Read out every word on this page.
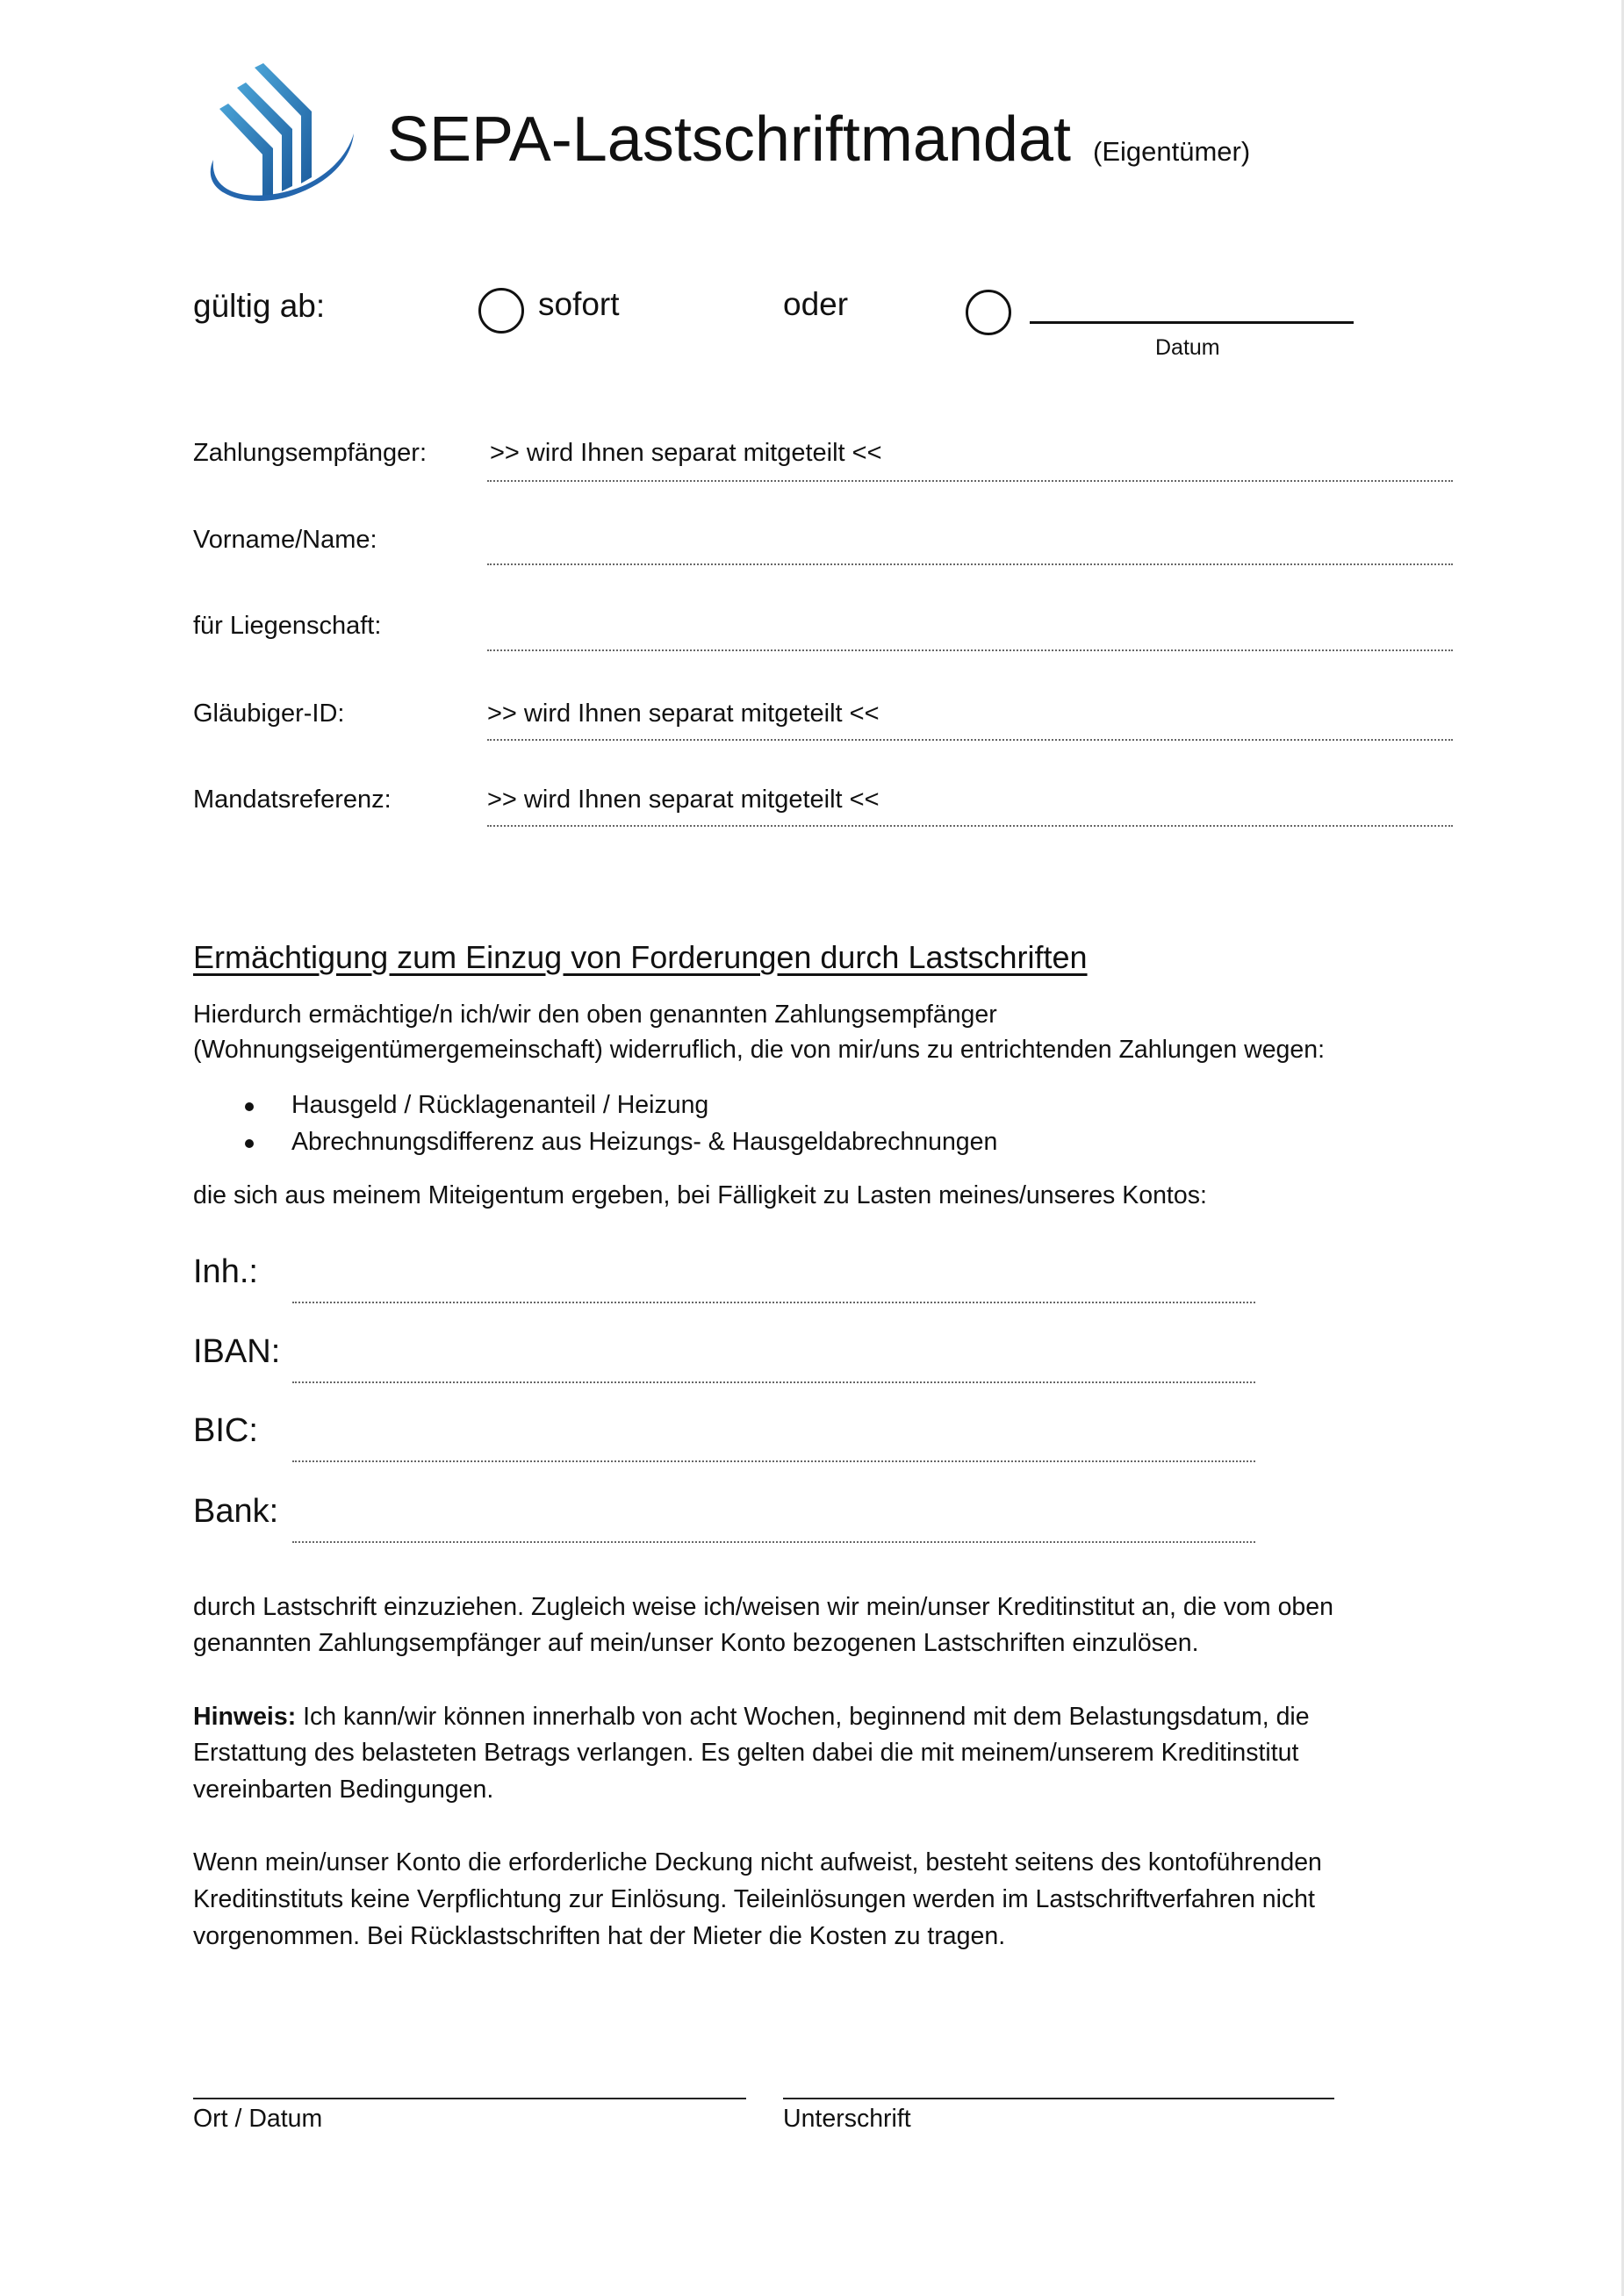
SEPA-Lastschriftmandat (Eigentümer)
gültig ab:	sofort	oder
Datum
Zahlungsempfänger: >> wird Ihnen separat mitgeteilt <<
Vorname/Name:
für Liegenschaft:
Gläubiger-ID:	>> wird Ihnen separat mitgeteilt <<
Mandatsreferenz:	>> wird Ihnen separat mitgeteilt <<
Ermächtigung zum Einzug von Forderungen durch Lastschriften
Hierdurch ermächtige/n ich/wir den oben genannten Zahlungsempfänger
(Wohnungseigentümergemeinschaft) widerruflich, die von mir/uns zu entrichtenden Zahlungen wegen:
Hausgeld / Rücklagenanteil / Heizung
Abrechnungsdifferenz aus Heizungs- & Hausgeldabrechnungen
die sich aus meinem Miteigentum ergeben, bei Fälligkeit zu Lasten meines/unseres Kontos:
Inh.:
IBAN:
BIC:
Bank:
durch Lastschrift einzuziehen. Zugleich weise ich/weisen wir mein/unser Kreditinstitut an, die vom oben
genannten Zahlungsempfänger auf mein/unser Konto bezogenen Lastschriften einzulösen.
Hinweis: Ich kann/wir können innerhalb von acht Wochen, beginnend mit dem Belastungsdatum, die
Erstattung des belasteten Betrags verlangen. Es gelten dabei die mit meinem/unserem Kreditinstitut
vereinbarten Bedingungen.
Wenn mein/unser Konto die erforderliche Deckung nicht aufweist, besteht seitens des kontoführenden
Kreditinstituts keine Verpflichtung zur Einlösung. Teileinlösungen werden im Lastschriftverfahren nicht
vorgenommen. Bei Rücklastschriften hat der Mieter die Kosten zu tragen.
Ort / Datum	Unterschrift
